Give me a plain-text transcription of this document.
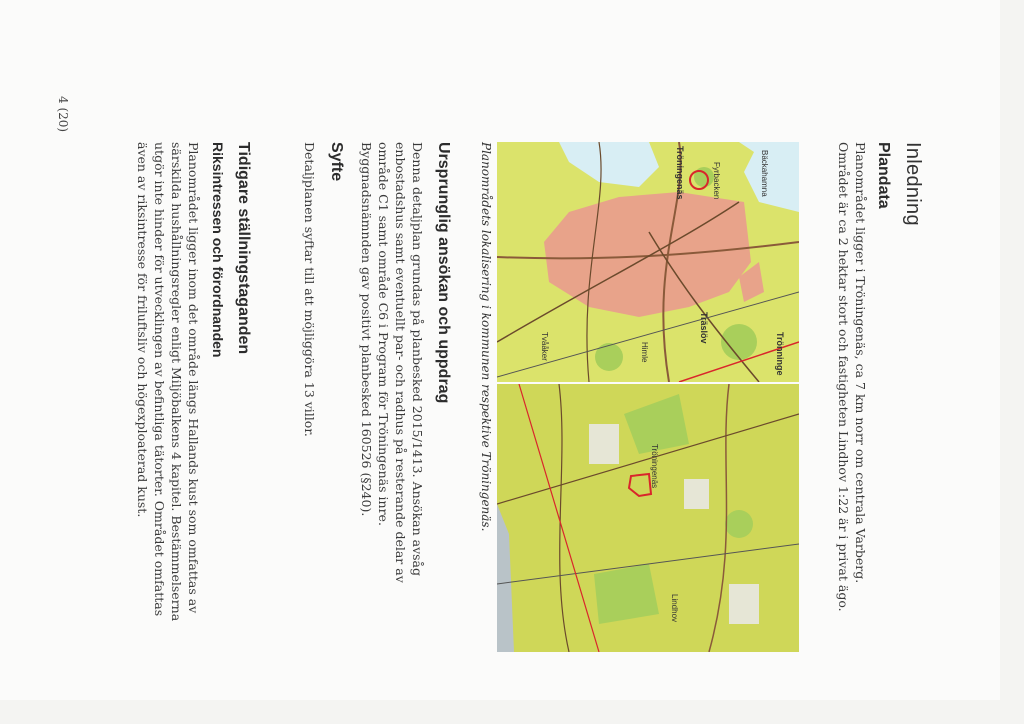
Inledning
Plandata
Planområdet ligger i Tröningenäs, ca 7 km norr om centrala Varberg. Området är ca 2 hektar stort och fastigheten Lindhov 1:22 är i privat ägo.
Fyrbacken
Tröningenäs	Bäckahamna
Trönninge
Träslöv
Himle
Tvååker
Tröningenäs
Lindhov
Planområdets lokalisering i kommunen respektive Tröningenäs.
Ursprunglig ansökan och uppdrag
Denna detaljplan grundas på planbesked 2015/1413. Ansökan avsåg enbostadshus samt eventuellt par- och radhus på resterande delar av område C1 samt område C6 i Program för Tröningenäs inre. Byggnadsnämnden gav positivt planbesked 160526 (§240).
Syfte
Detaljplanen syftar till att möjliggöra 13 villor.
Tidigare ställningstaganden
Riksintressen och förordnanden
Planområdet ligger inom det område längs Hallands kust som omfattas av särskilda hushållningsregler enligt Miljöbalkens 4 kapitel. Bestämmelserna utgör inte hinder för utvecklingen av befintliga tätorter. Området omfattas även av riksintresse för friluftsliv och högexploaterad kust.
4 (20)
